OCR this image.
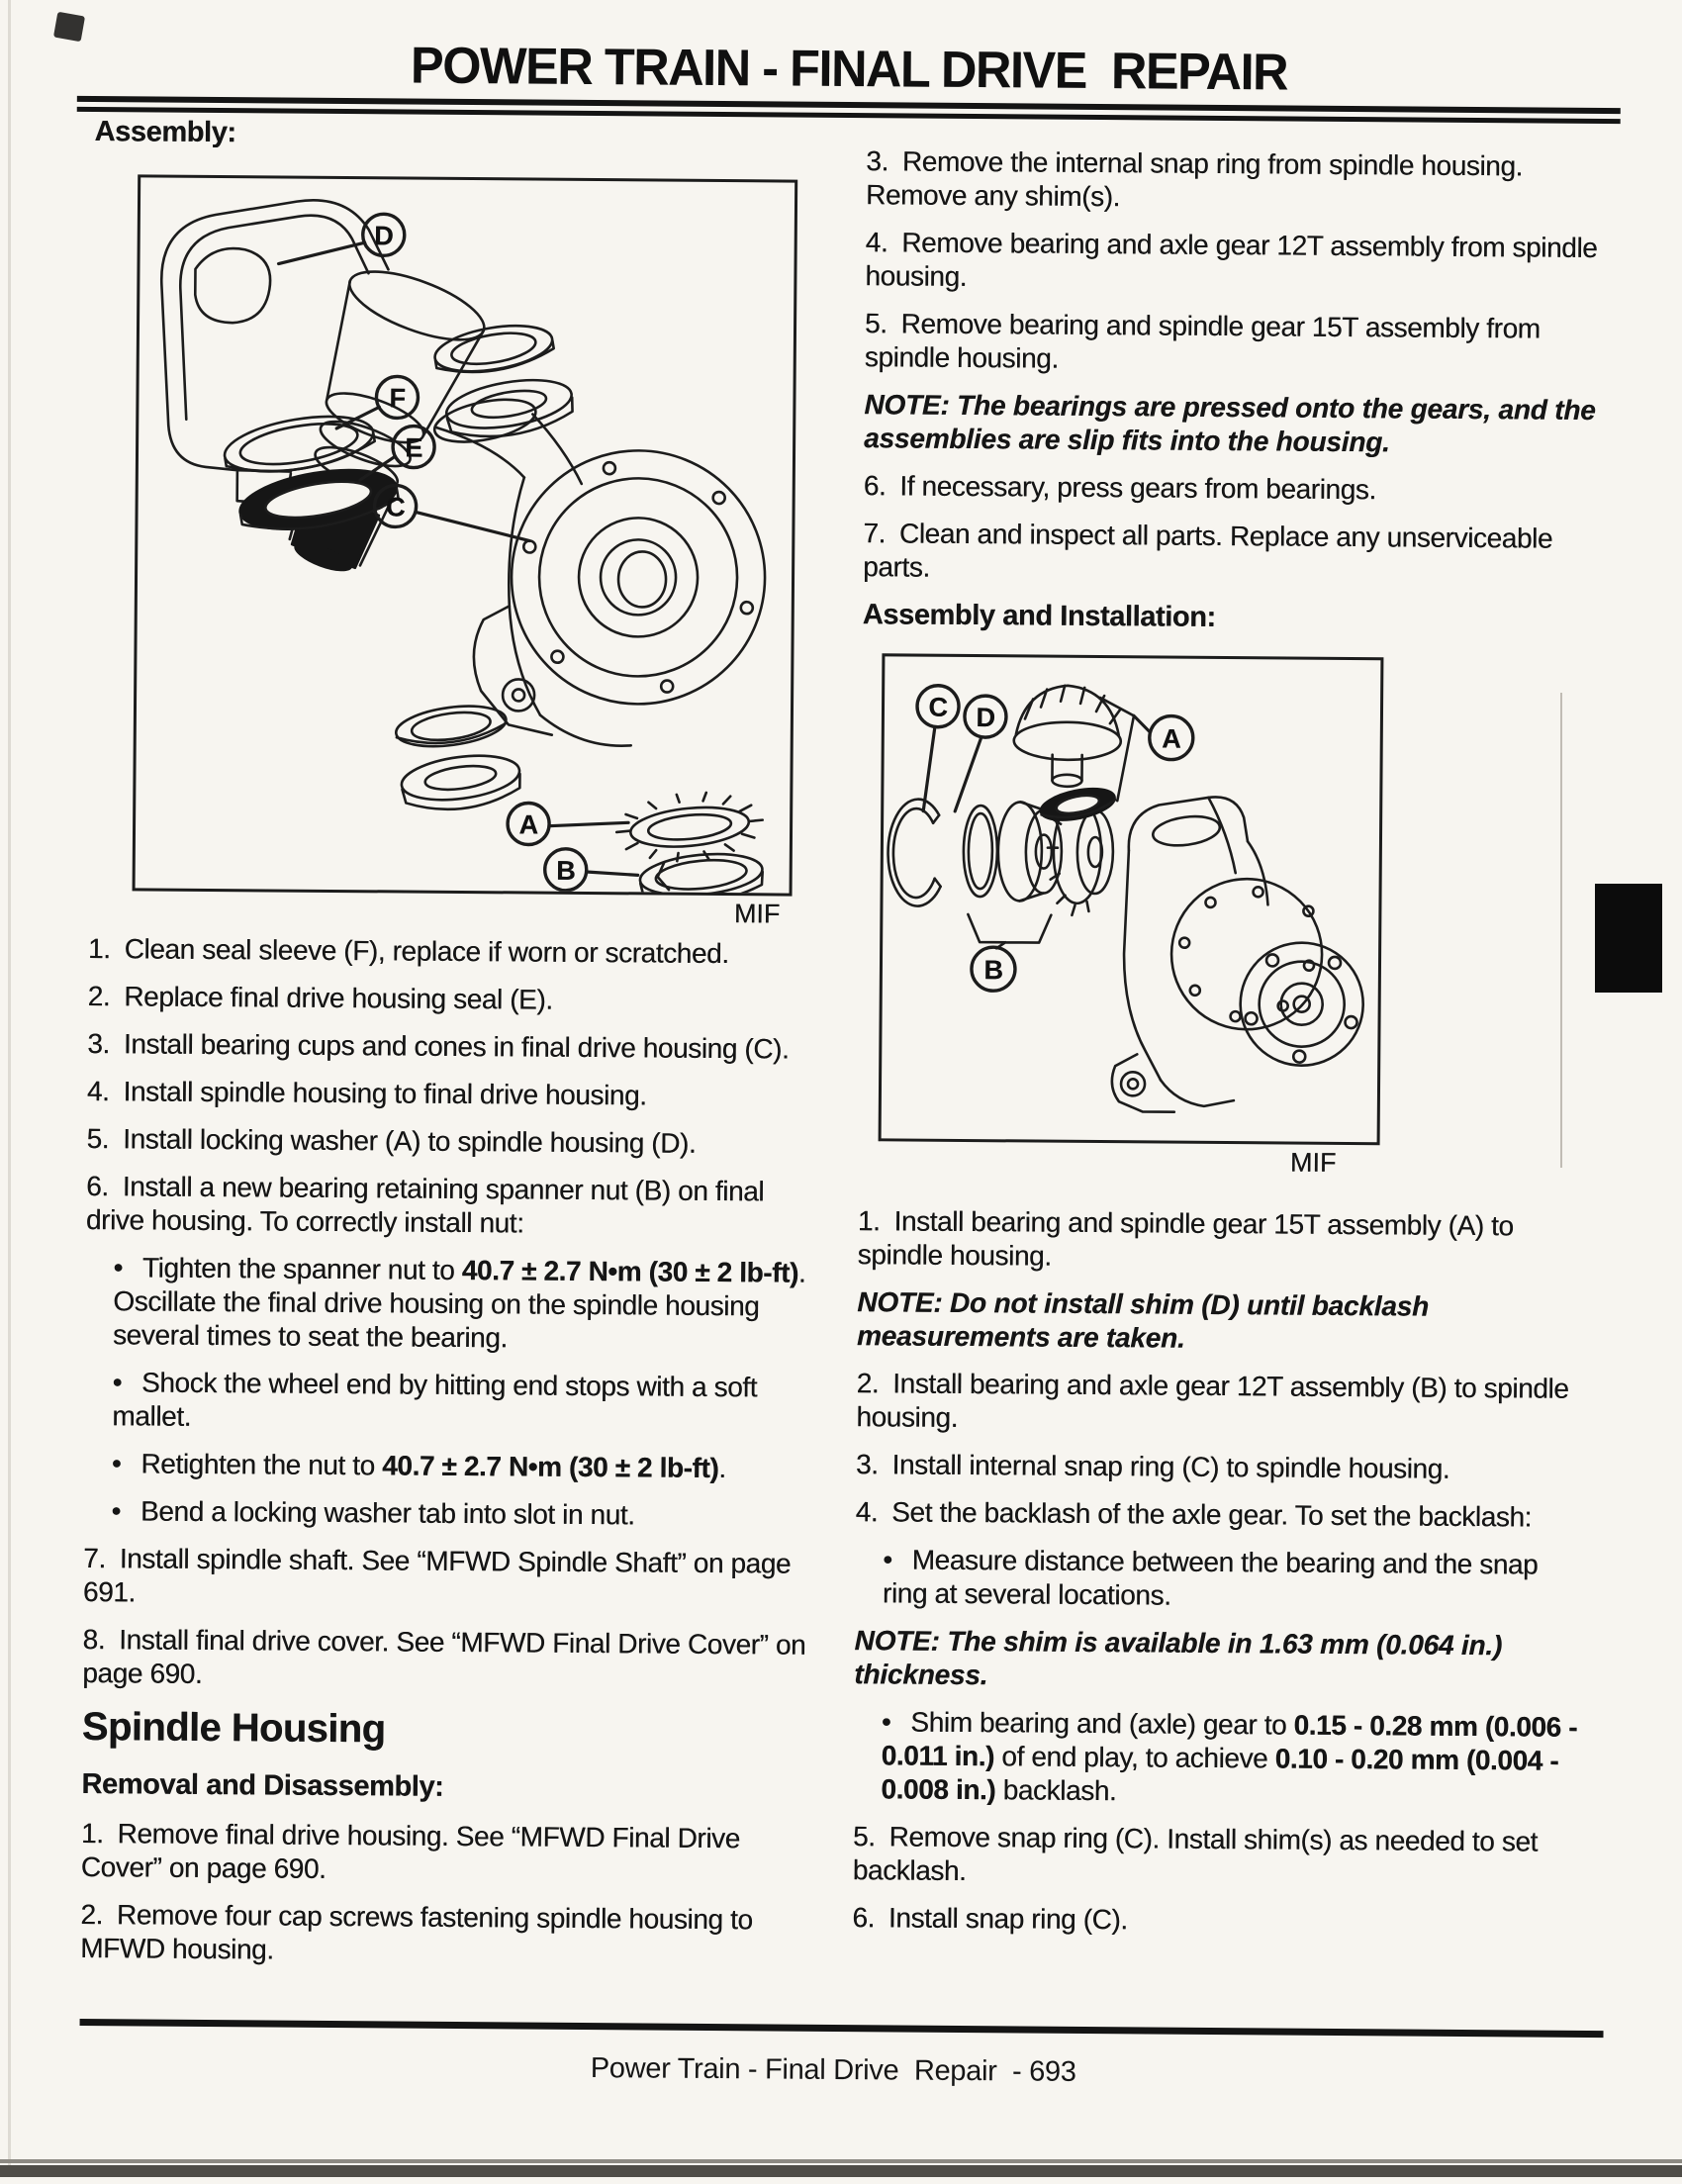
POWER TRAIN - FINAL DRIVE  REPAIR
Assembly:
D
F
E
C
A
B
MIF

1. Clean seal sleeve (F), replace if worn or scratched.

2. Replace final drive housing seal (E).

3. Install bearing cups and cones in final drive housing (C).

4. Install spindle housing to final drive housing.

5. Install locking washer (A) to spindle housing (D).

6. Install a new bearing retaining spanner nut (B) on final drive housing. To correctly install nut:

• Tighten the spanner nut to 40.7 ± 2.7 N•m (30 ± 2 lb-ft). Oscillate the final drive housing on the spindle housing several times to seat the bearing.

• Shock the wheel end by hitting end stops with a soft mallet.

• Retighten the nut to 40.7 ± 2.7 N•m (30 ± 2 lb-ft).

• Bend a locking washer tab into slot in nut.

7. Install spindle shaft. See “MFWD Spindle Shaft” on page 691.

8. Install final drive cover. See “MFWD Final Drive Cover” on page 690.

Spindle Housing
Removal and Disassembly:

1. Remove final drive housing. See “MFWD Final Drive Cover” on page 690.

2. Remove four cap screws fastening spindle housing to MFWD housing.

3. Remove the internal snap ring from spindle housing. Remove any shim(s).

4. Remove bearing and axle gear 12T assembly from spindle housing.

5. Remove bearing and spindle gear 15T assembly from spindle housing.

NOTE: The bearings are pressed onto the gears, and the assemblies are slip fits into the housing.

6. If necessary, press gears from bearings.

7. Clean and inspect all parts. Replace any unserviceable parts.

Assembly and Installation:
C D
A
B
MIF

1. Install bearing and spindle gear 15T assembly (A) to spindle housing.

NOTE: Do not install shim (D) until backlash measurements are taken.

2. Install bearing and axle gear 12T assembly (B) to spindle housing.

3. Install internal snap ring (C) to spindle housing.

4. Set the backlash of the axle gear. To set the backlash:

• Measure distance between the bearing and the snap ring at several locations.

NOTE: The shim is available in 1.63 mm (0.064 in.) thickness.

• Shim bearing and (axle) gear to 0.15 - 0.28 mm (0.006 - 0.011 in.) of end play, to achieve 0.10 - 0.20 mm (0.004 - 0.008 in.) backlash.

5. Remove snap ring (C). Install shim(s) as needed to set backlash.

6. Install snap ring (C).

Power Train - Final Drive  Repair  - 693
